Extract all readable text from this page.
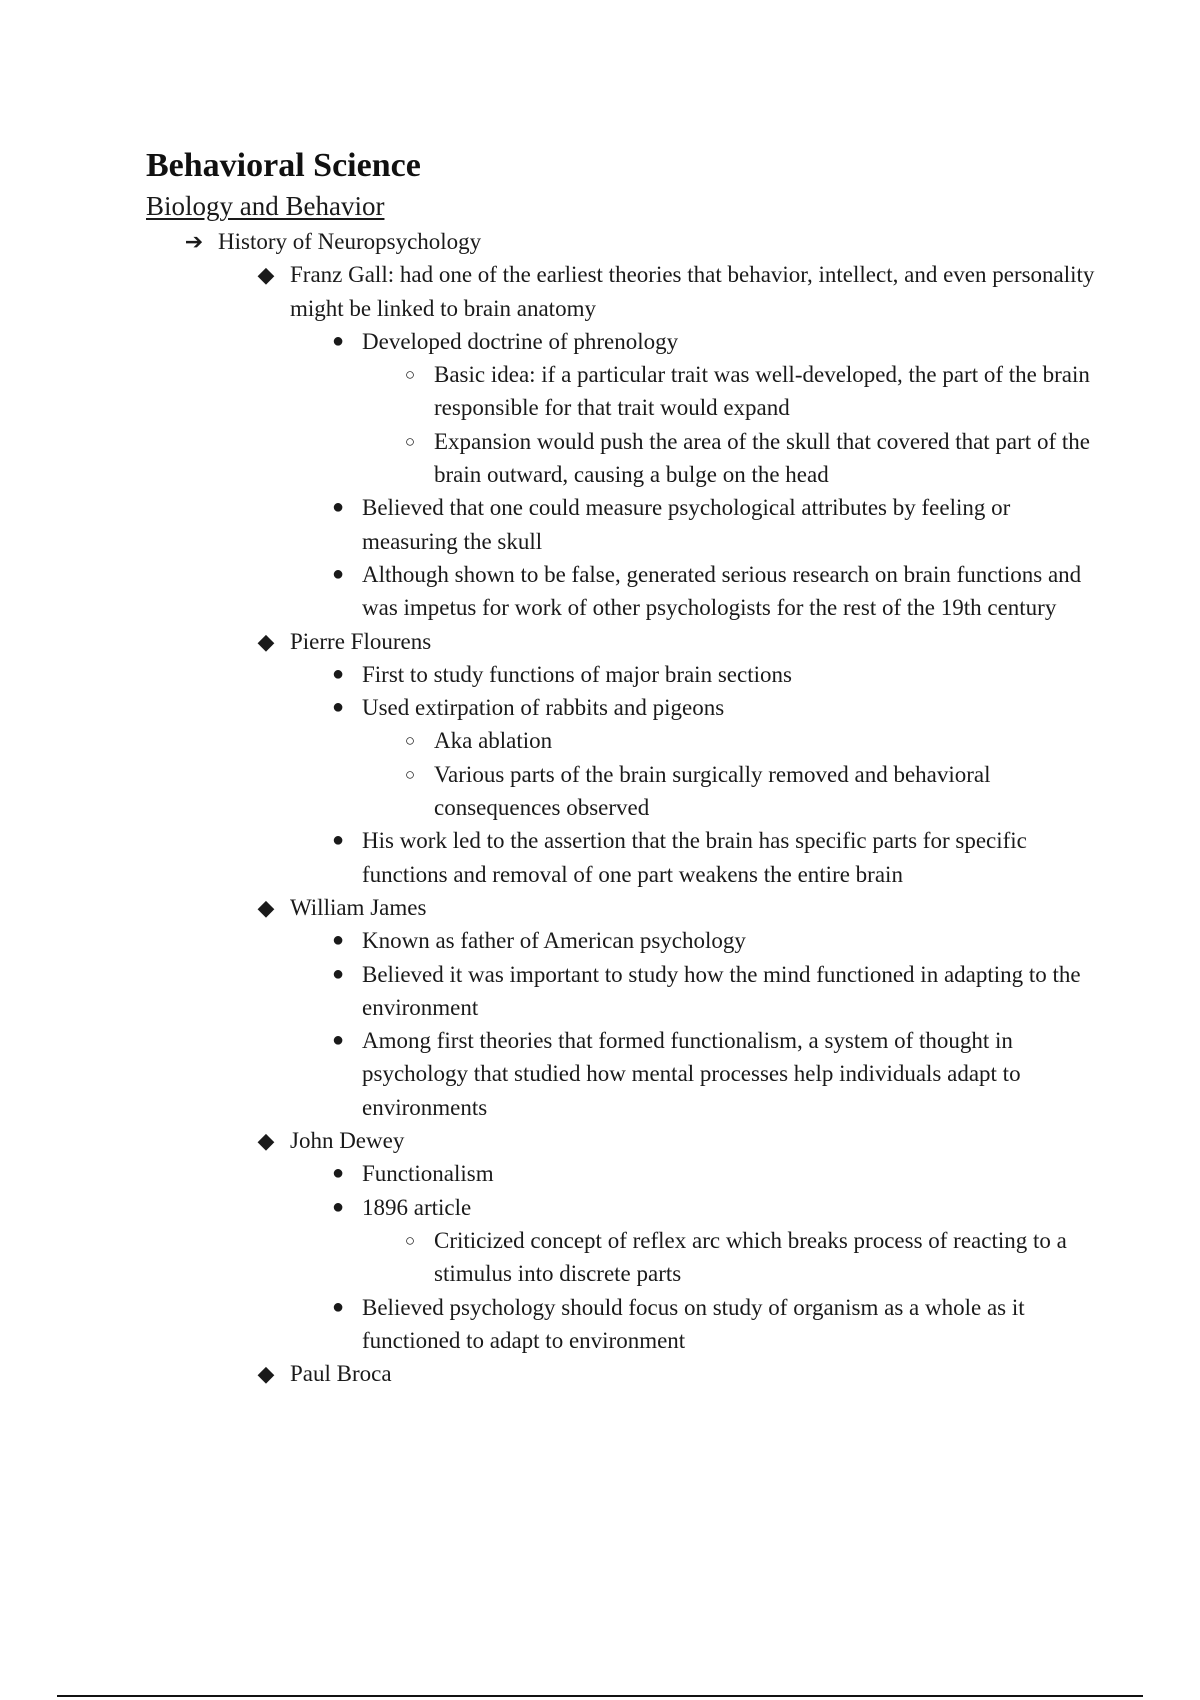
Behavioral Science
Biology and Behavior
➔ History of Neuropsychology
◆ Franz Gall: had one of the earliest theories that behavior, intellect, and even personality might be linked to brain anatomy
● Developed doctrine of phrenology
○ Basic idea: if a particular trait was well-developed, the part of the brain responsible for that trait would expand
○ Expansion would push the area of the skull that covered that part of the brain outward, causing a bulge on the head
● Believed that one could measure psychological attributes by feeling or measuring the skull
● Although shown to be false, generated serious research on brain functions and was impetus for work of other psychologists for the rest of the 19th century
◆ Pierre Flourens
● First to study functions of major brain sections
● Used extirpation of rabbits and pigeons
○ Aka ablation
○ Various parts of the brain surgically removed and behavioral consequences observed
● His work led to the assertion that the brain has specific parts for specific functions and removal of one part weakens the entire brain
◆ William James
● Known as father of American psychology
● Believed it was important to study how the mind functioned in adapting to the environment
● Among first theories that formed functionalism, a system of thought in psychology that studied how mental processes help individuals adapt to environments
◆ John Dewey
● Functionalism
● 1896 article
○ Criticized concept of reflex arc which breaks process of reacting to a stimulus into discrete parts
● Believed psychology should focus on study of organism as a whole as it functioned to adapt to environment
◆ Paul Broca
